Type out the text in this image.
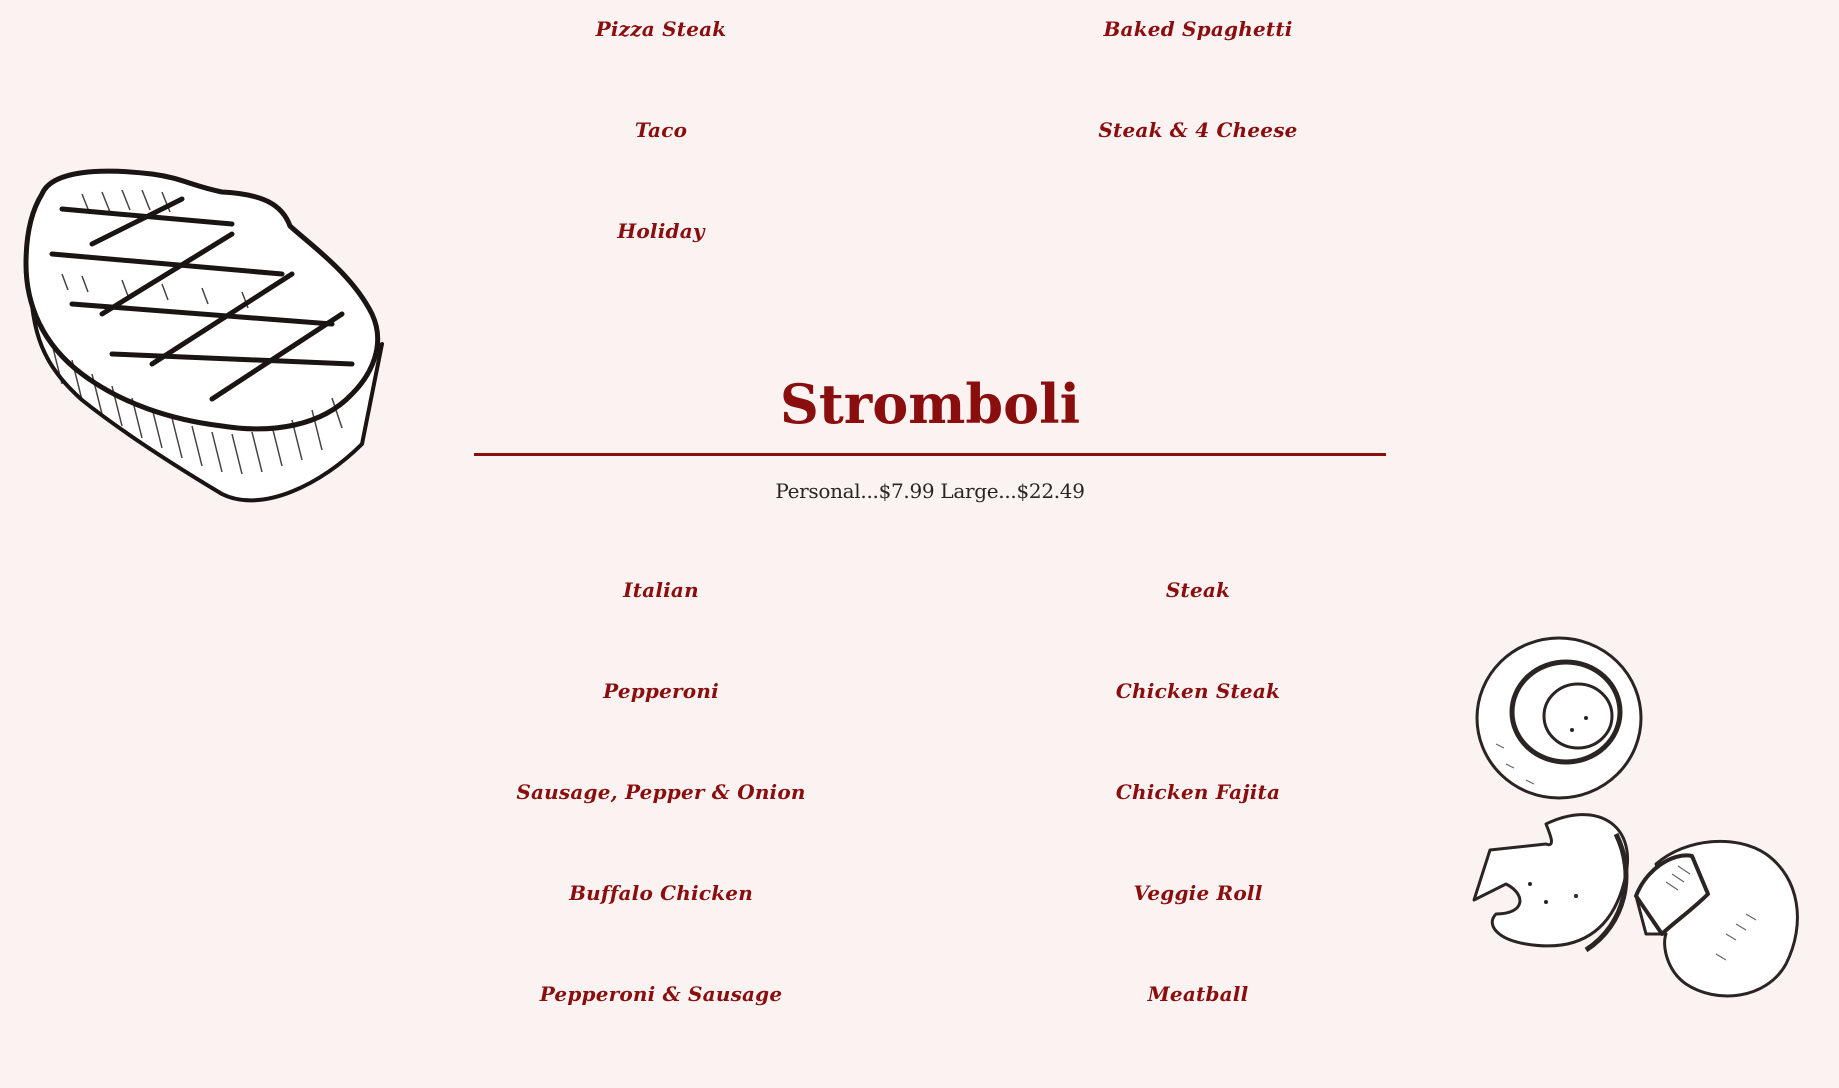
Pizza Steak	Baked Spaghetti
Taco	Steak & 4 Cheese
Holiday
Stromboli
Personal...$7.99 Large...$22.49
Italian	Steak
Pepperoni	Chicken Steak
Sausage, Pepper & Onion	Chicken Fajita
Buffalo Chicken	Veggie Roll
Pepperoni & Sausage	Meatball
